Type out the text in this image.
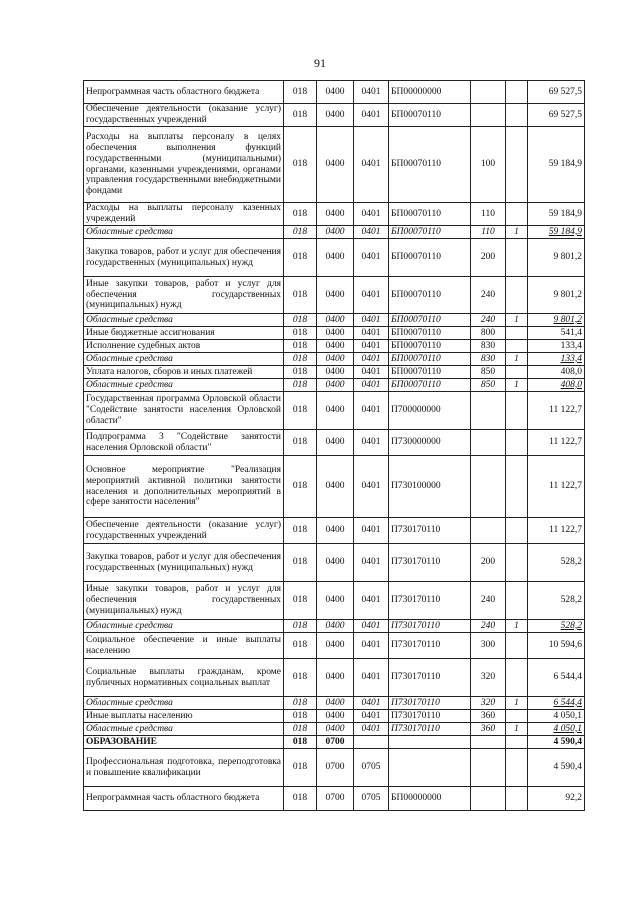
91
Непрограммная часть областного бюджета	018	0400	0401	БП00000000			69 527,5
Обеспечение деятельности (оказание услуг) государственных учреждений	018	0400	0401	БП00070110			69 527,5
Расходы на выплаты персоналу в целях обеспечения выполнения функций государственными (муниципальными) органами, казенными учреждениями, органами управления государственными внебюджетными фондами	018	0400	0401	БП00070110	100		59 184,9
Расходы на выплаты персоналу казенных учреждений	018	0400	0401	БП00070110	110		59 184,9
Областные средства	018	0400	0401	БП00070110	110	1	59 184,9
Закупка товаров, работ и услуг для обеспечения государственных (муниципальных) нужд	018	0400	0401	БП00070110	200		9 801,2
Иные закупки товаров, работ и услуг для обеспечения государственных (муниципальных) нужд	018	0400	0401	БП00070110	240		9 801,2
Областные средства	018	0400	0401	БП00070110	240	1	9 801,2
Иные бюджетные ассигнования	018	0400	0401	БП00070110	800		541,4
Исполнение судебных актов	018	0400	0401	БП00070110	830		133,4
Областные средства	018	0400	0401	БП00070110	830	1	133,4
Уплата налогов, сборов и иных платежей	018	0400	0401	БП00070110	850		408,0
Областные средства	018	0400	0401	БП00070110	850	1	408,0
Государственная программа Орловской области "Содействие занятости населения Орловской области"	018	0400	0401	П700000000			11 122,7
Подпрограмма 3 "Содействие занятости населения Орловской области"	018	0400	0401	П730000000			11 122,7
Основное мероприятие "Реализация мероприятий активной политики занятости населения и дополнительных мероприятий в сфере занятости населения"	018	0400	0401	П730100000			11 122,7
Обеспечение деятельности (оказание услуг) государственных учреждений	018	0400	0401	П730170110			11 122,7
Закупка товаров, работ и услуг для обеспечения государственных (муниципальных) нужд	018	0400	0401	П730170110	200		528,2
Иные закупки товаров, работ и услуг для обеспечения государственных (муниципальных) нужд	018	0400	0401	П730170110	240		528,2
Областные средства	018	0400	0401	П730170110	240	1	528,2
Социальное обеспечение и иные выплаты населению	018	0400	0401	П730170110	300		10 594,6
Социальные выплаты гражданам, кроме публичных нормативных социальных выплат	018	0400	0401	П730170110	320		6 544,4
Областные средства	018	0400	0401	П730170110	320	1	6 544,4
Иные выплаты населению	018	0400	0401	П730170110	360		4 050,1
Областные средства	018	0400	0401	П730170110	360	1	4 050,1
ОБРАЗОВАНИЕ	018	0700					4 590,4
Профессиональная подготовка, переподготовка и повышение квалификации	018	0700	0705				4 590,4
Непрограммная часть областного бюджета	018	0700	0705	БП00000000			92,2
